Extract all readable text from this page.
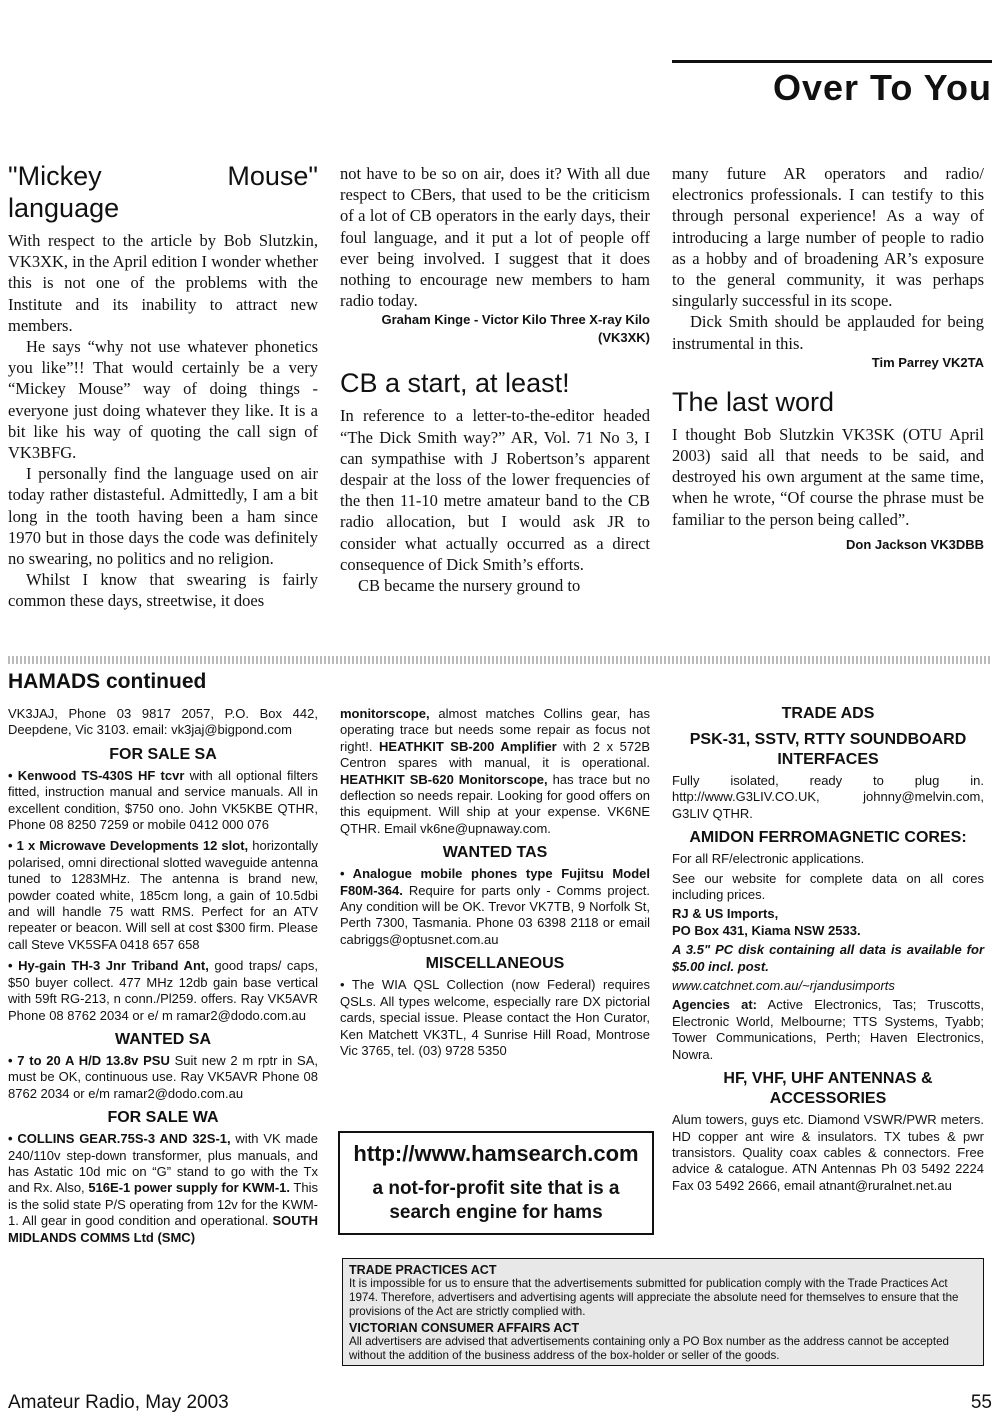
Over To You
"Mickey Mouse" language

With respect to the article by Bob Slutzkin, VK3XK, in the April edition I wonder whether this is not one of the problems with the Institute and its inability to attract new members.

He says “why not use whatever phonetics you like”!! That would certainly be a very “Mickey Mouse” way of doing things - everyone just doing whatever they like. It is a bit like his way of quoting the call sign of VK3BFG.

I personally find the language used on air today rather distasteful. Admittedly, I am a bit long in the tooth having been a ham since 1970 but in those days the code was definitely no swearing, no politics and no religion.

Whilst I know that swearing is fairly common these days, streetwise, it does

not have to be so on air, does it? With all due respect to CBers, that used to be the criticism of a lot of CB operators in the early days, their foul language, and it put a lot of people off ever being involved. I suggest that it does nothing to encourage new members to ham radio today.

Graham Kinge - Victor Kilo Three X-ray Kilo (VK3XK)
CB a start, at least!

In reference to a letter-to-the-editor headed “The Dick Smith way?” AR, Vol. 71 No 3, I can sympathise with J Robertson’s apparent despair at the loss of the lower frequencies of the then 11-10 metre amateur band to the CB radio allocation, but I would ask JR to consider what actually occurred as a direct consequence of Dick Smith’s efforts.

CB became the nursery ground to

many future AR operators and radio/ electronics professionals. I can testify to this through personal experience! As a way of introducing a large number of people to radio as a hobby and of broadening AR’s exposure to the general community, it was perhaps singularly successful in its scope.

Dick Smith should be applauded for being instrumental in this.

Tim Parrey VK2TA
The last word

I thought Bob Slutzkin VK3SK (OTU April 2003) said all that needs to be said, and destroyed his own argument at the same time, when he wrote, “Of course the phrase must be familiar to the person being called”.

Don Jackson VK3DBB
HAMADS continued

VK3JAJ, Phone 03 9817 2057, P.O. Box 442, Deepdene, Vic 3103. email: vk3jaj@bigpond.com

FOR SALE SA

• Kenwood TS-430S HF tcvr with all optional filters fitted, instruction manual and service manuals. All in excellent condition, $750 ono. John VK5KBE QTHR, Phone 08 8250 7259 or mobile 0412 000 076

• 1 x Microwave Developments 12 slot, horizontally polarised, omni directional slotted waveguide antenna tuned to 1283MHz. The antenna is brand new, powder coated white, 185cm long, a gain of 10.5dbi and will handle 75 watt RMS. Perfect for an ATV repeater or beacon. Will sell at cost $300 firm. Please call Steve VK5SFA 0418 657 658

• Hy-gain TH-3 Jnr Triband Ant, good traps/ caps, $50 buyer collect. 477 MHz 12db gain base vertical with 59ft RG-213, n conn./Pl259. offers. Ray VK5AVR Phone 08 8762 2034 or e/ m ramar2@dodo.com.au

WANTED SA

• 7 to 20 A H/D 13.8v PSU Suit new 2 m rptr in SA, must be OK, continuous use. Ray VK5AVR Phone 08 8762 2034 or e/m ramar2@dodo.com.au

FOR SALE WA

• COLLINS GEAR.75S-3 AND 32S-1, with VK made 240/110v step-down transformer, plus manuals, and has Astatic 10d mic on “G” stand to go with the Tx and Rx. Also, 516E-1 power supply for KWM-1. This is the solid state P/S operating from 12v for the KWM-1. All gear in good condition and operational. SOUTH MIDLANDS COMMS Ltd (SMC)

monitorscope, almost matches Collins gear, has operating trace but needs some repair as focus not right!. HEATHKIT SB-200 Amplifier with 2 x 572B Centron spares with manual, it is operational. HEATHKIT SB-620 Monitorscope, has trace but no deflection so needs repair. Looking for good offers on this equipment. Will ship at your expense. VK6NE QTHR. Email vk6ne@upnaway.com.

WANTED TAS

• Analogue mobile phones type Fujitsu Model F80M-364. Require for parts only - Comms project. Any condition will be OK. Trevor VK7TB, 9 Norfolk St, Perth 7300, Tasmania. Phone 03 6398 2118 or email cabriggs@optusnet.com.au

MISCELLANEOUS

• The WIA QSL Collection (now Federal) requires QSLs. All types welcome, especially rare DX pictorial cards, special issue. Please contact the Hon Curator, Ken Matchett VK3TL, 4 Sunrise Hill Road, Montrose Vic 3765, tel. (03) 9728 5350

http://www.hamsearch.com
a not-for-profit site that is a search engine for hams
TRADE ADS
PSK-31, SSTV, RTTY SOUNDBOARD INTERFACES

Fully isolated, ready to plug in. http://www.G3LIV.CO.UK, johnny@melvin.com, G3LIV QTHR.

AMIDON FERROMAGNETIC CORES:

For all RF/electronic applications.

See our website for complete data on all cores including prices.

RJ & US Imports,
PO Box 431, Kiama NSW 2533.

A 3.5" PC disk containing all data is available for $5.00 incl. post.

www.catchnet.com.au/~rjandusimports

Agencies at: Active Electronics, Tas; Truscotts, Electronic World, Melbourne; TTS Systems, Tyabb; Tower Communications, Perth; Haven Electronics, Nowra.

HF, VHF, UHF ANTENNAS & ACCESSORIES

Alum towers, guys etc. Diamond VSWR/PWR meters. HD copper ant wire & insulators. TX tubes & pwr transistors. Quality coax cables & connectors. Free advice & catalogue. ATN Antennas Ph 03 5492 2224 Fax 03 5492 2666, email atnant@ruralnet.net.au

TRADE PRACTICES ACT

It is impossible for us to ensure that the advertisements submitted for publication comply with the Trade Practices Act 1974. Therefore, advertisers and advertising agents will appreciate the absolute need for themselves to ensure that the provisions of the Act are strictly complied with.

VICTORIAN CONSUMER AFFAIRS ACT

All advertisers are advised that advertisements containing only a PO Box number as the address cannot be accepted without the addition of the business address of the box-holder or seller of the goods.

Amateur Radio, May 2003	55
